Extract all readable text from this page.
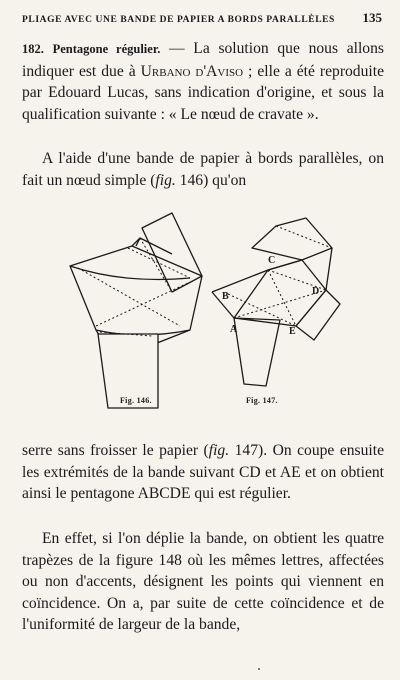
PLIAGE AVEC UNE BANDE DE PAPIER A BORDS PARALLÈLES 135

182. Pentagone régulier. — La solution que nous allons indiquer est due à Urbano d'Aviso ; elle a été reproduite par Edouard Lucas, sans indication d'origine, et sous la qualification suivante : « Le nœud de cravate ».

A l'aide d'une bande de papier à bords parallèles, on fait un nœud simple (fig. 146) qu'on

C
D
B
A	E
Fig. 146.	Fig. 147.

serre sans froisser le papier (fig. 147). On coupe ensuite les extrémités de la bande suivant CD et AE et on obtient ainsi le pentagone ABCDE qui est régulier.

En effet, si l'on déplie la bande, on obtient les quatre trapèzes de la figure 148 où les mêmes lettres, affectées ou non d'accents, désignent les points qui viennent en coïncidence. On a, par suite de cette coïncidence et de l'uniformité de largeur de la bande,
